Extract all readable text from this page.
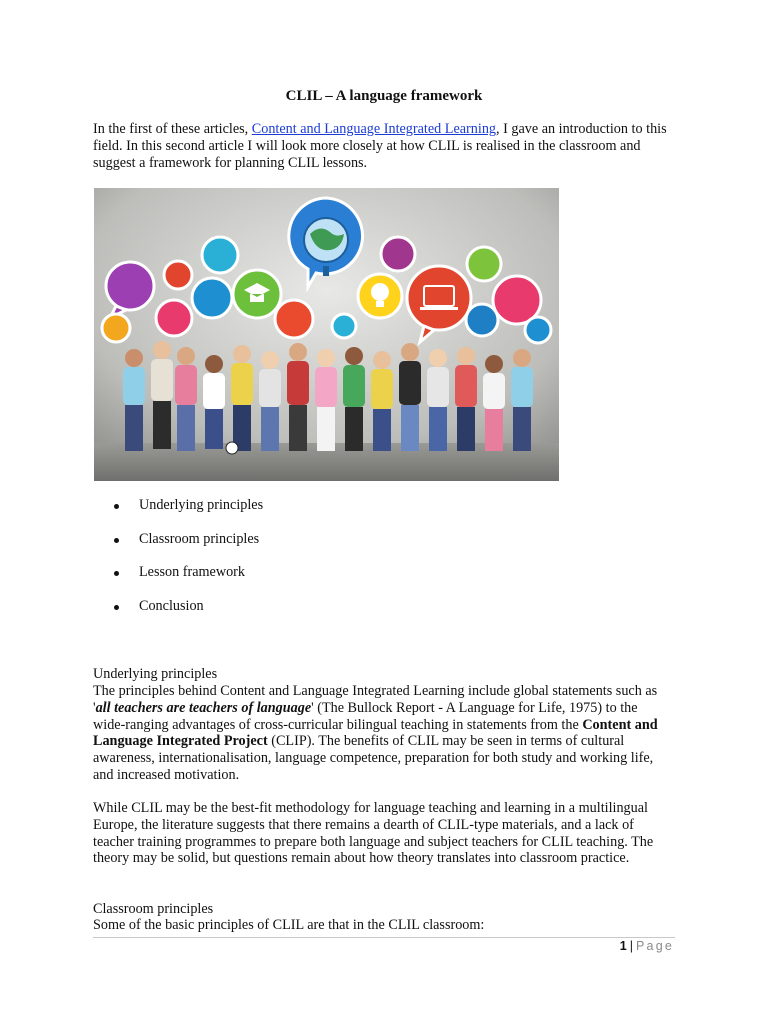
CLIL – A language framework
In the first of these articles, Content and Language Integrated Learning, I gave an introduction to this field. In this second article I will look more closely at how CLIL is realised in the classroom and suggest a framework for planning CLIL lessons.
Underlying principles
Classroom principles
Lesson framework
Conclusion
Underlying principles
The principles behind Content and Language Integrated Learning include global statements such as 'all teachers are teachers of language' (The Bullock Report - A Language for Life, 1975) to the wide-ranging advantages of cross-curricular bilingual teaching in statements from the Content and Language Integrated Project (CLIP). The benefits of CLIL may be seen in terms of cultural awareness, internationalisation, language competence, preparation for both study and working life, and increased motivation.
While CLIL may be the best-fit methodology for language teaching and learning in a multilingual Europe, the literature suggests that there remains a dearth of CLIL-type materials, and a lack of teacher training programmes to prepare both language and subject teachers for CLIL teaching. The theory may be solid, but questions remain about how theory translates into classroom practice.
Classroom principles
Some of the basic principles of CLIL are that in the CLIL classroom:
1 | Page
